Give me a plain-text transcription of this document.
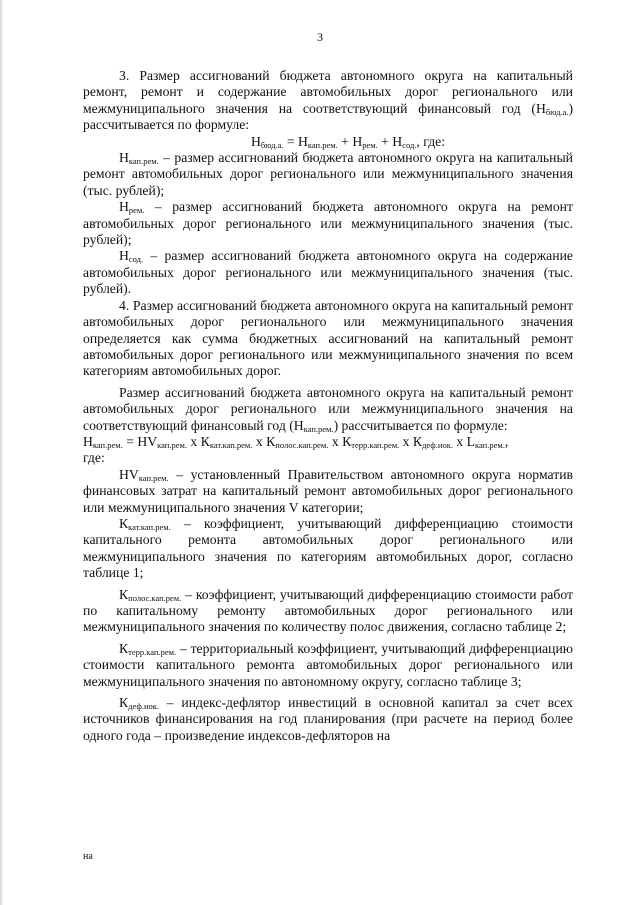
3

3. Размер ассигнований бюджета автономного округа на капитальный ремонт, ремонт и содержание автомобильных дорог регионального или межмуниципального значения на соответствующий финансовый год $(Н_{бюд.а.})$ рассчитывается по формуле:

$Н_{бюд.а.} = Н_{кап.рем.} + Н_{рем.} + Н_{сод.}$, где:

$Н_{кап.рем.}$ – размер ассигнований бюджета автономного округа на капитальный ремонт автомобильных дорог регионального или межмуниципального значения (тыс. рублей);

$Н_{рем.}$ – размер ассигнований бюджета автономного округа на ремонт автомобильных дорог регионального или межмуниципального значения (тыс. рублей);

$Н_{сод.}$ – размер ассигнований бюджета автономного округа на содержание автомобильных дорог регионального или межмуниципального значения (тыс. рублей).

4. Размер ассигнований бюджета автономного округа на капитальный ремонт автомобильных дорог регионального или межмуниципального значения определяется как сумма бюджетных ассигнований на капитальный ремонт автомобильных дорог регионального или межмуниципального значения по всем категориям автомобильных дорог.

Размер ассигнований бюджета автономного округа на капитальный ремонт автомобильных дорог регионального или межмуниципального значения на соответствующий финансовый год $(Н_{кап.рем.})$ рассчитывается по формуле:

$Н_{кап.рем.} = НV_{кап.рем.}$ х $К_{кат.кап.рем.}$ х $К_{полос.кап.рем.}$ х $К_{терр.кап.рем.}$ х $К_{деф.иок.}$ х $L_{кап.рем.}$,

где:

$НV_{кап.рем.}$ – установленный Правительством автономного округа норматив финансовых затрат на капитальный ремонт автомобильных дорог регионального или межмуниципального значения V категории;

$К_{кат.кап.рем.}$ – коэффициент, учитывающий дифференциацию стоимости капитального ремонта автомобильных дорог регионального или межмуниципального значения по категориям автомобильных дорог, согласно таблице 1;

$К_{полос.кап.рем.}$ – коэффициент, учитывающий дифференциацию стоимости работ по капитальному ремонту автомобильных дорог регионального или межмуниципального значения по количеству полос движения, согласно таблице 2;

$К_{терр.кап.рем.}$ – территориальный коэффициент, учитывающий дифференциацию стоимости капитального ремонта автомобильных дорог регионального или межмуниципального значения по автономному округу, согласно таблице 3;

$К_{деф.иок.}$ – индекс-дефлятор инвестиций в основной капитал за счет всех источников финансирования на год планирования (при расчете на период более одного года – произведение индексов-дефляторов на

на
